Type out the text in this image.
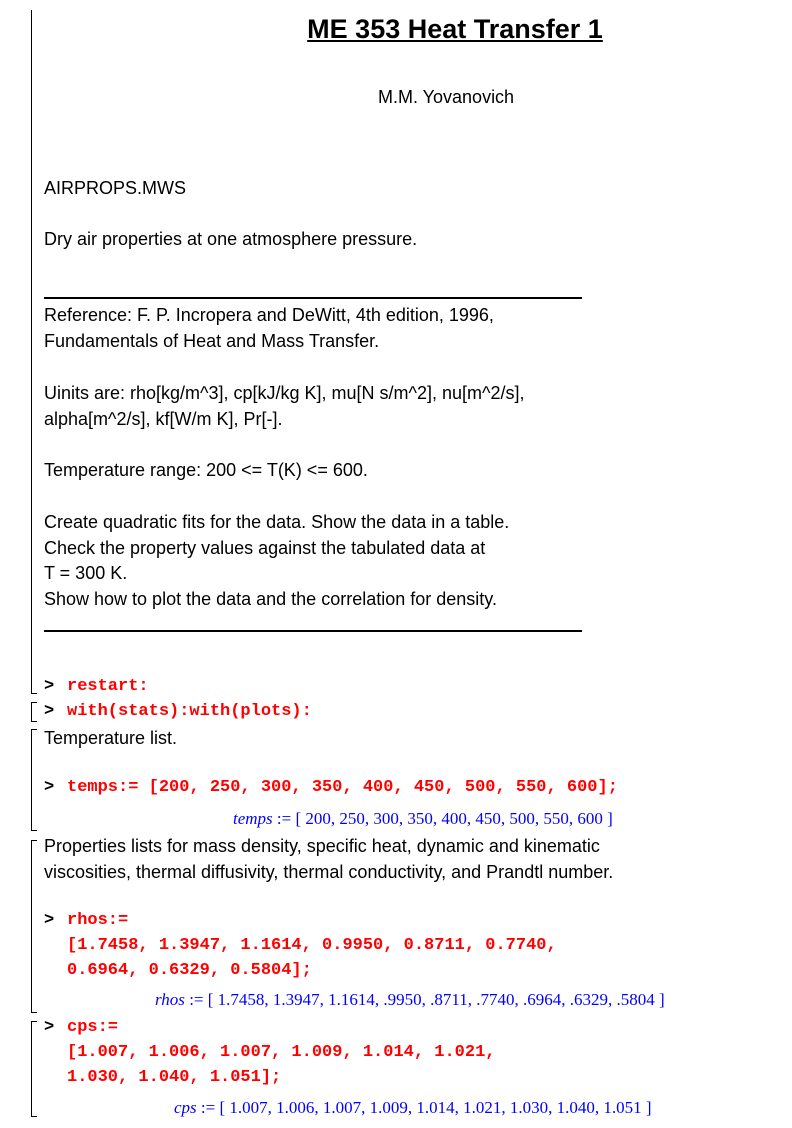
ME 353 Heat Transfer 1
M.M. Yovanovich
AIRPROPS.MWS
Dry air properties at one atmosphere pressure.
Reference: F. P. Incropera and DeWitt, 4th edition, 1996,
Fundamentals of Heat and Mass Transfer.
Uinits are: rho[kg/m^3], cp[kJ/kg K], mu[N s/m^2], nu[m^2/s],
alpha[m^2/s], kf[W/m K], Pr[-].
Temperature range: 200 <= T(K) <= 600.
Create quadratic fits for the data. Show the data in a table.
Check the property values against the tabulated data at
T = 300 K.
Show how to plot the data and the correlation for density.
> restart:
> with(stats):with(plots):
Temperature list.
> temps:= [200, 250, 300, 350, 400, 450, 500, 550, 600];
temps := [ 200, 250, 300, 350, 400, 450, 500, 550, 600 ]
Properties lists for mass density, specific heat, dynamic and kinematic
viscosities, thermal diffusivity, thermal conductivity, and Prandtl number.
> rhos:=
[1.7458, 1.3947, 1.1614, 0.9950, 0.8711, 0.7740,
0.6964, 0.6329, 0.5804];
rhos := [ 1.7458, 1.3947, 1.1614, .9950, .8711, .7740, .6964, .6329, .5804 ]
> cps:=
[1.007, 1.006, 1.007, 1.009, 1.014, 1.021,
1.030, 1.040, 1.051];
cps := [ 1.007, 1.006, 1.007, 1.009, 1.014, 1.021, 1.030, 1.040, 1.051 ]
